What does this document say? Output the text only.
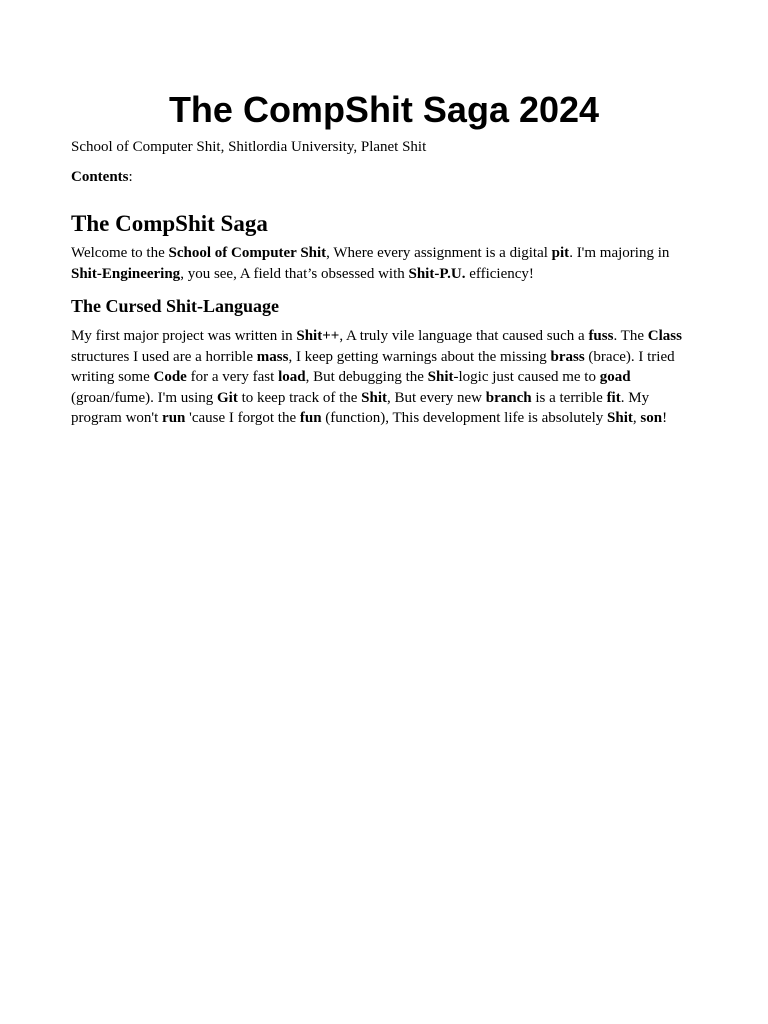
The CompShit Saga 2024

School of Computer Shit, Shitlordia University, Planet Shit

Contents:

The CompShit Saga

Welcome to the School of Computer Shit, Where every assignment is a digital pit. I'm majoring in Shit-Engineering, you see, A field that’s obsessed with Shit-P.U. efficiency!

The Cursed Shit-Language

My first major project was written in Shit++, A truly vile language that caused such a fuss. The Class structures I used are a horrible mass, I keep getting warnings about the missing brass (brace). I tried writing some Code for a very fast load, But debugging the Shit-logic just caused me to goad (groan/fume). I'm using Git to keep track of the Shit, But every new branch is a terrible fit. My program won't run 'cause I forgot the fun (function), This development life is absolutely Shit, son!
